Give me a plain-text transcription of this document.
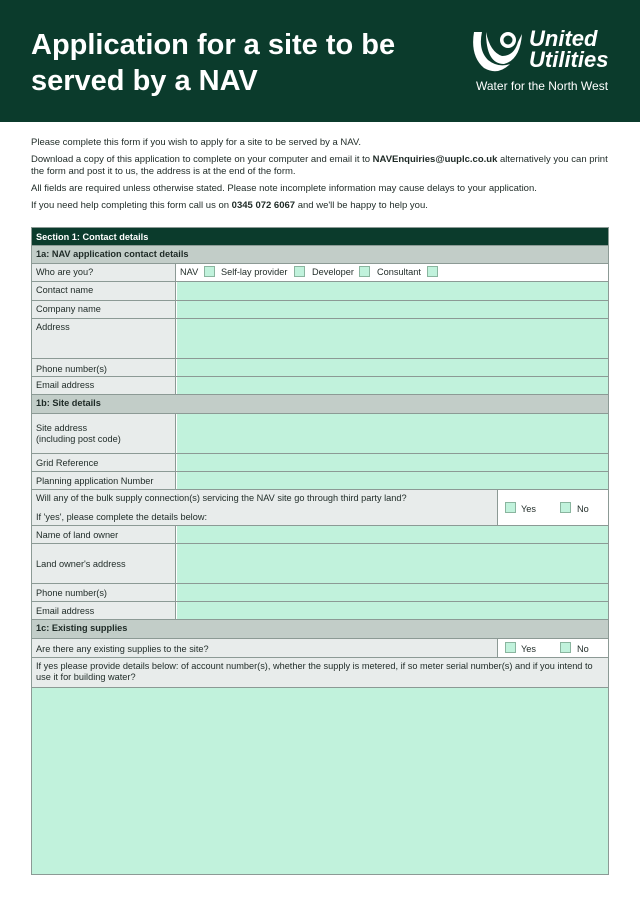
Application for a site to be served by a NAV
United
Utilities
Water for the North West

Please complete this form if you wish to apply for a site to be served by a NAV.

Download a copy of this application to complete on your computer and email it to NAVEnquiries@uuplc.co.uk alternatively you can print the form and post it to us, the address is at the end of the form.

All fields are required unless otherwise stated. Please note incomplete information may cause delays to your application.

If you need help completing this form call us on 0345 072 6067 and we'll be happy to help you.

Section 1: Contact details
1a: NAV application contact details
Who are you?	NAV Self-lay provider	Developer	Consultant
Contact name
Company name
Address
Phone number(s)
Email address
1b: Site details
Site address
(including post code)
Grid Reference
Planning application Number
Will any of the bulk supply connection(s) servicing the NAV site go through third party land?
If 'yes', please complete the details below:
Yes	No
Name of land owner
Land owner's address
Phone number(s)
Email address
1c: Existing supplies
Are there any existing supplies to the site?	Yes	No
If yes please provide details below: of account number(s), whether the supply is metered, if so meter serial number(s) and if you intend to use it for building water?
